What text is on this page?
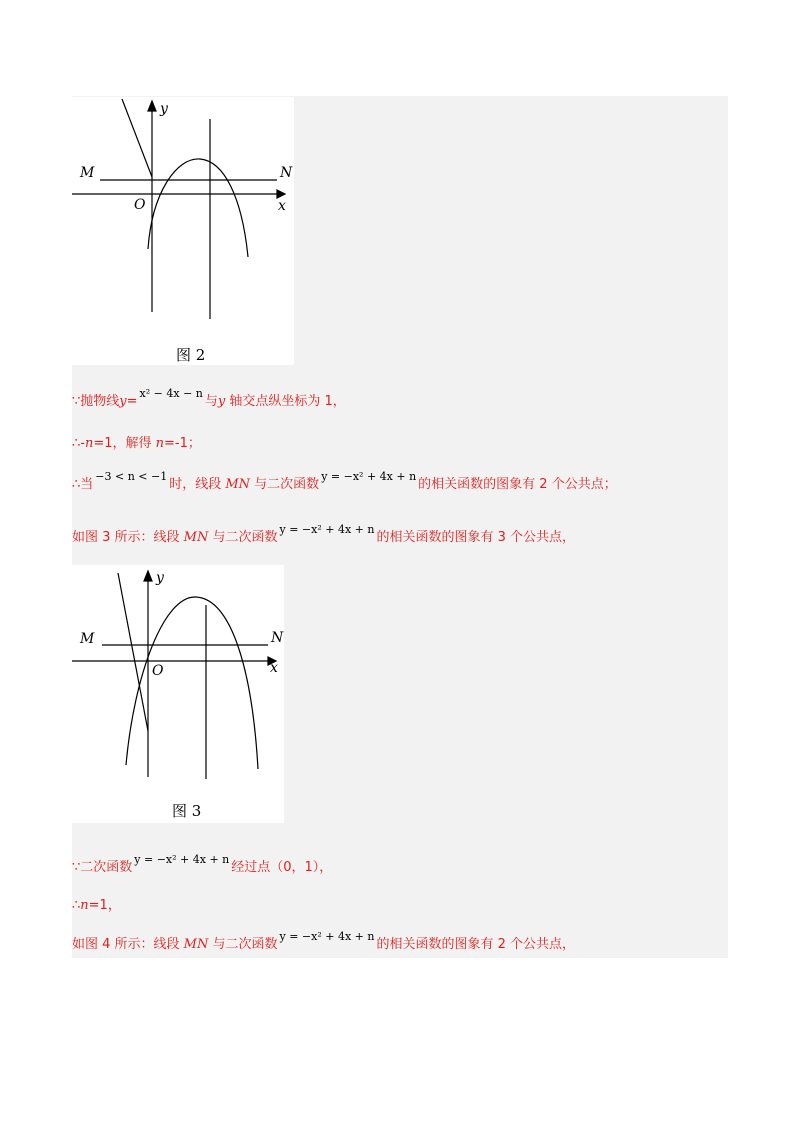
y
M	N
O	x
图 2
∵抛物线y=$^{x^2 - 4x - n}$与y 轴交点纵坐标为 1，
∴-n=1，解得 n=-1；
∴当$^{-3 < n < -1}$时，线段 MN 与二次函数$^{y = -x^2 + 4x + n}$的相关函数的图象有 2 个公共点；
如图 3 所示：线段 MN 与二次函数$^{y = -x^2 + 4x + n}$的相关函数的图象有 3 个公共点，
y
M	N
O	x
图 3
∵二次函数$^{y = -x^2 + 4x + n}$经过点（0，1），
∴n=1，
如图 4 所示：线段 MN 与二次函数$^{y = -x^2 + 4x + n}$的相关函数的图象有 2 个公共点，
